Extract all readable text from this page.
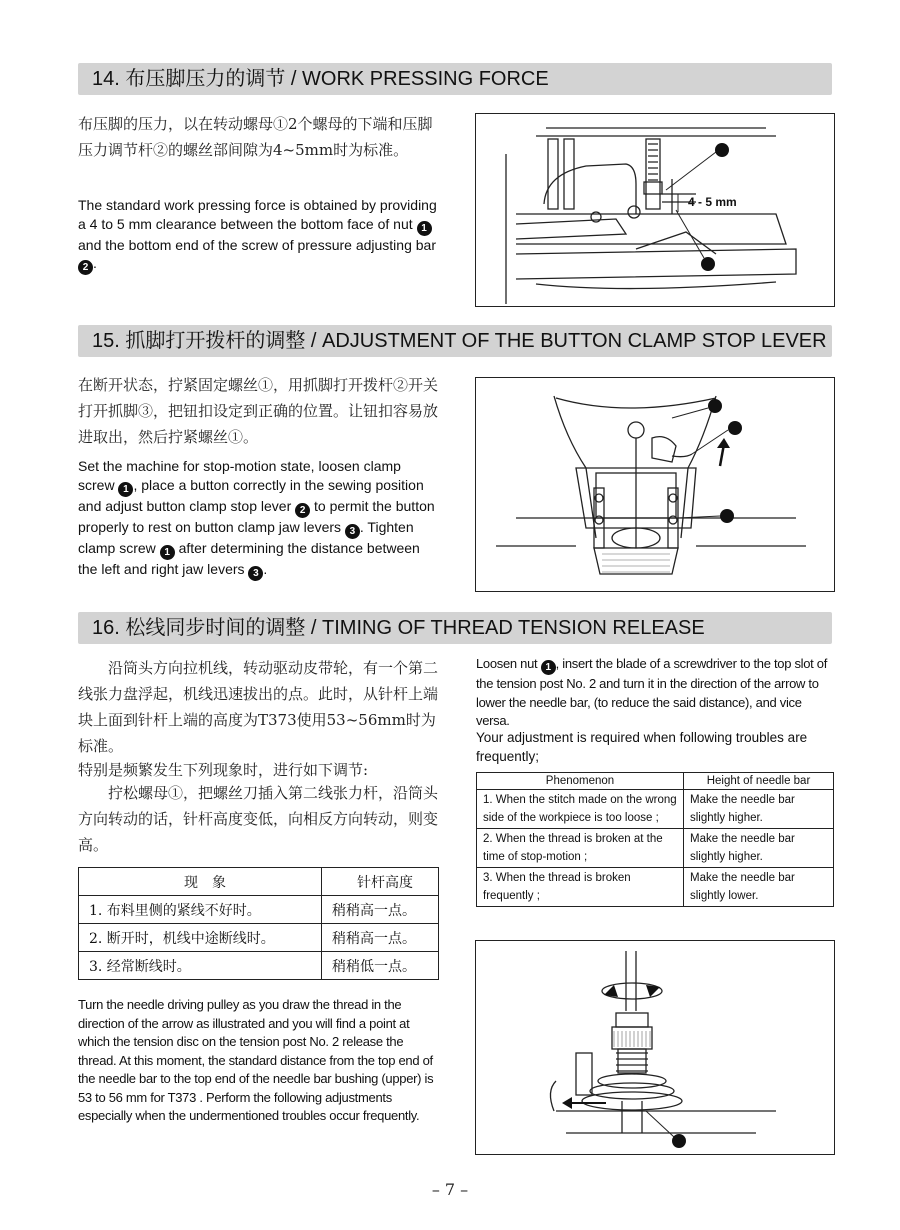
14. 布压脚压力的调节 / WORK PRESSING FORCE

布压脚的压力，以在转动螺母①2个螺母的下端和压脚压力调节杆②的螺丝部间隙为4~5mm时为标准。

The standard work pressing force is obtained by providing a 4 to 5 mm clearance between the bottom face of nut 1 and the bottom end of the screw of pressure adjusting bar 2 .

4 - 5 mm
15. 抓脚打开拨杆的调整 / ADJUSTMENT OF THE BUTTON CLAMP STOP LEVER

在断开状态，拧紧固定螺丝①，用抓脚打开拨杆②开关打开抓脚③，把钮扣设定到正确的位置。让钮扣容易放进取出，然后拧紧螺丝①。

Set the machine for stop-motion state, loosen clamp screw 1 , place a button correctly in the sewing position and adjust button clamp stop lever 2 to permit the button properly to rest on button clamp jaw levers 3 . Tighten clamp screw 1 after determining the distance between the left and right jaw levers 3 .

16. 松线同步时间的调整 / TIMING OF THREAD TENSION RELEASE

沿筒头方向拉机线，转动驱动皮带轮，有一个第二线张力盘浮起，机线迅速拔出的点。此时，从针杆上端块上面到针杆上端的高度为T373使用53~56mm时为标准。

特别是频繁发生下列现象时，进行如下调节:

拧松螺母①，把螺丝刀插入第二线张力杆，沿筒头方向转动的话，针杆高度变低，向相反方向转动，则变高。

现　象	针杆高度
1. 布料里侧的紧线不好时。	稍稍高一点。
2. 断开时，机线中途断线时。	稍稍高一点。
3. 经常断线时。	稍稍低一点。

Turn the needle driving pulley as you draw the thread in the direction of the arrow as illustrated and you will find a point at which the tension disc on the tension post No. 2 release the thread. At this moment, the standard distance from the top end of the needle bar to the top end of the needle bar bushing (upper) is 53 to 56 mm for T373 . Perform the following adjustments especially when the undermentioned troubles occur frequently.

Loosen nut 1 , insert the blade of a screwdriver to the top slot of the tension post No. 2 and turn it in the direction of the arrow to lower the needle bar, (to reduce the said distance), and vice versa.

Your adjustment is required when following troubles are frequently;

Phenomenon	Height of needle bar
1. When the stitch made on the wrong side of the workpiece is too loose ;	Make the needle bar slightly higher.
2. When the thread is broken at the time of stop-motion ;	Make the needle bar slightly higher.
3. When the thread is broken frequently ;	Make the needle bar slightly lower.
– 7 –
